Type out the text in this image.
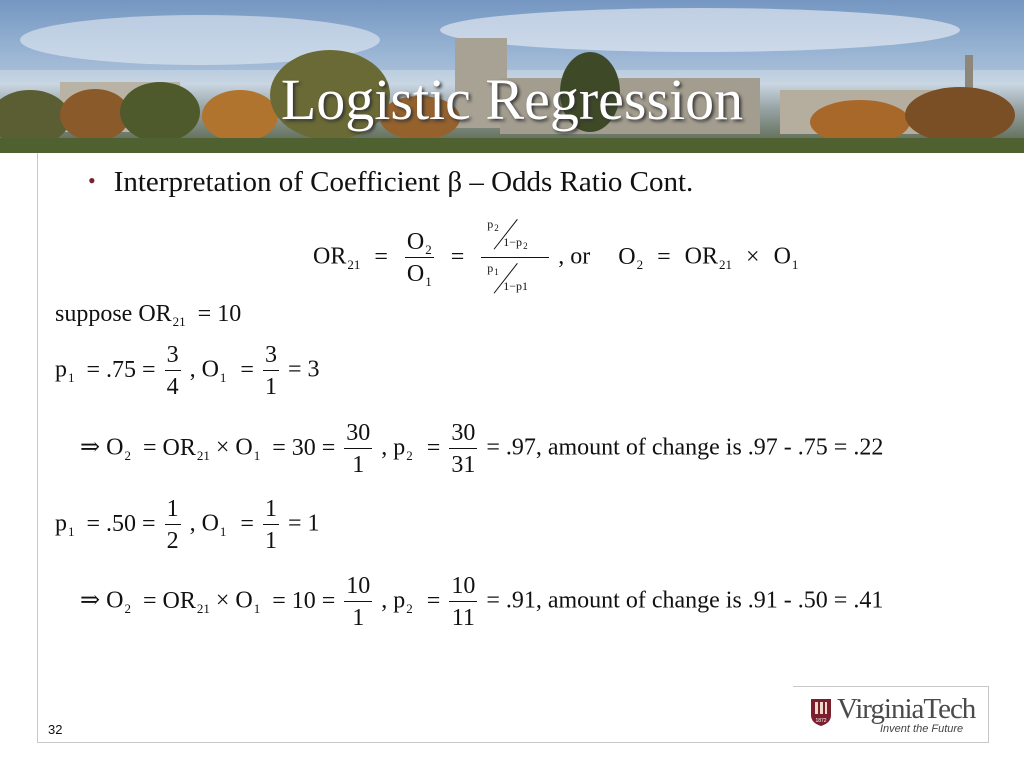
Logistic Regression
• Interpretation of Coefficient β – Odds Ratio Cont.
$OR_{21} = \frac{O_2}{O_1} = p_2$
$1-p_2$
$p_1$
1−p1 , or $O_2 = OR_{21} \times O_1$
suppose $OR_{21} = 10$
$p_1 = .75 = \frac{3}{4}$ , $O_1 = \frac{3}{1} = 3$
⇒ $O_2 = OR_{21} \times O_1 = 30 = \frac{30}{1}$ , $p_2 = \frac{30}{31} = .97$, amount of change is .97 - .75 = .22
$p_1 = .50 = \frac{1}{2}$ , $O_1 = \frac{1}{1} = 1$
⇒ $O_2 = OR_{21} \times O_1 = 10 = \frac{10}{1}$ , $p_2 = \frac{10}{11} = .91$, amount of change is .91 - .50 = .41
32
1872 VirginiaTech
Invent the Future
